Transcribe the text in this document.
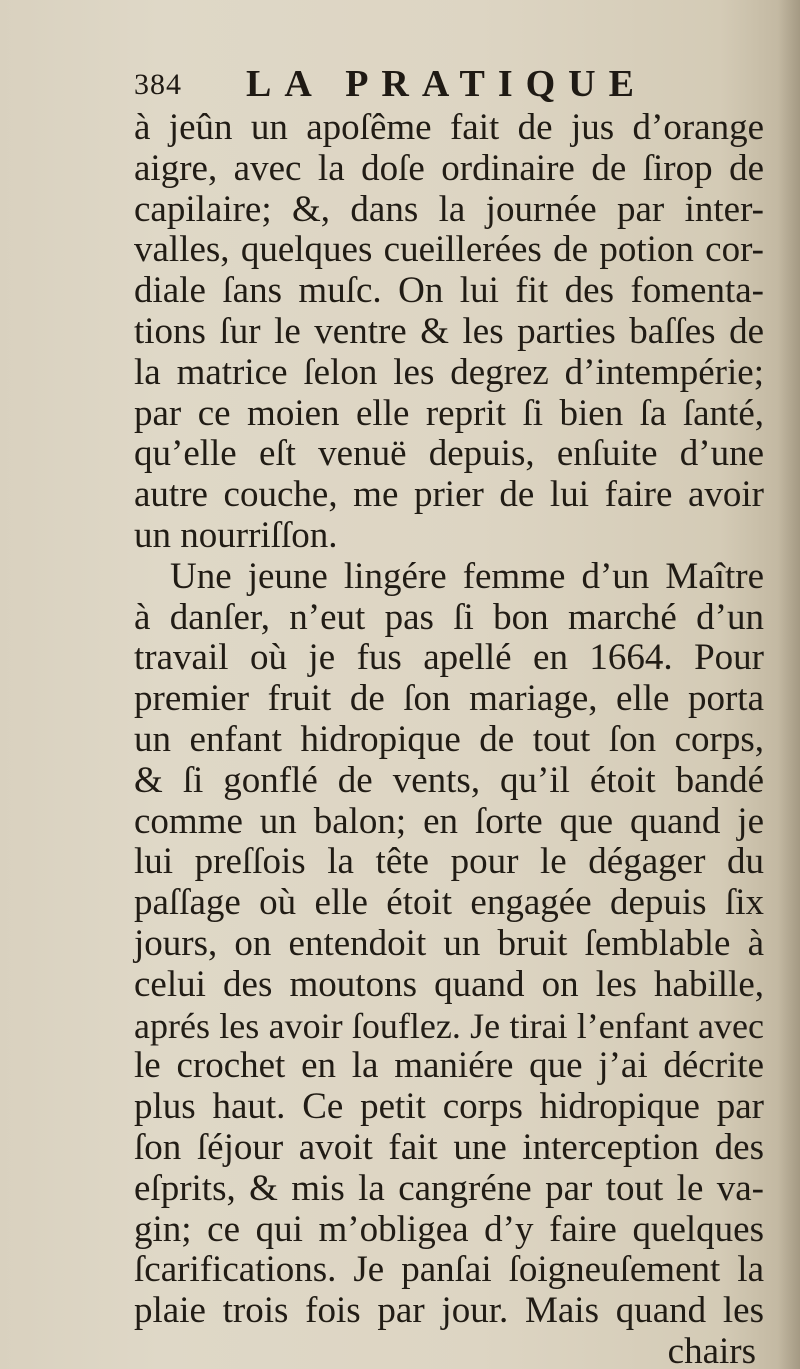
384 LA PRATIQUE
à jeûn un apoſême fait de jus d’orange
aigre, avec la doſe ordinaire de ſirop de
capilaire; &, dans la journée par inter-
valles, quelques cueillerées de potion cor-
diale ſans muſc. On lui fit des fomenta-
tions ſur le ventre & les parties baſſes de
la matrice ſelon les degrez d’intempérie;
par ce moien elle reprit ſi bien ſa ſanté,
qu’elle eſt venuë depuis, enſuite d’une
autre couche, me prier de lui faire avoir
un nourriſſon.
Une jeune lingére femme d’un Maître
à danſer, n’eut pas ſi bon marché d’un
travail où je fus apellé en 1664. Pour
premier fruit de ſon mariage, elle porta
un enfant hidropique de tout ſon corps,
& ſi gonflé de vents, qu’il étoit bandé
comme un balon; en ſorte que quand je
lui preſſois la tête pour le dégager du
paſſage où elle étoit engagée depuis ſix
jours, on entendoit un bruit ſemblable à
celui des moutons quand on les habille,
aprés les avoir ſouflez. Je tirai l’enfant avec
le crochet en la maniére que j’ai décrite
plus haut. Ce petit corps hidropique par
ſon ſéjour avoit fait une interception des
eſprits, & mis la cangréne par tout le va-
gin; ce qui m’obligea d’y faire quelques
ſcarifications. Je panſai ſoigneuſement la
plaie trois fois par jour. Mais quand les
chairs
